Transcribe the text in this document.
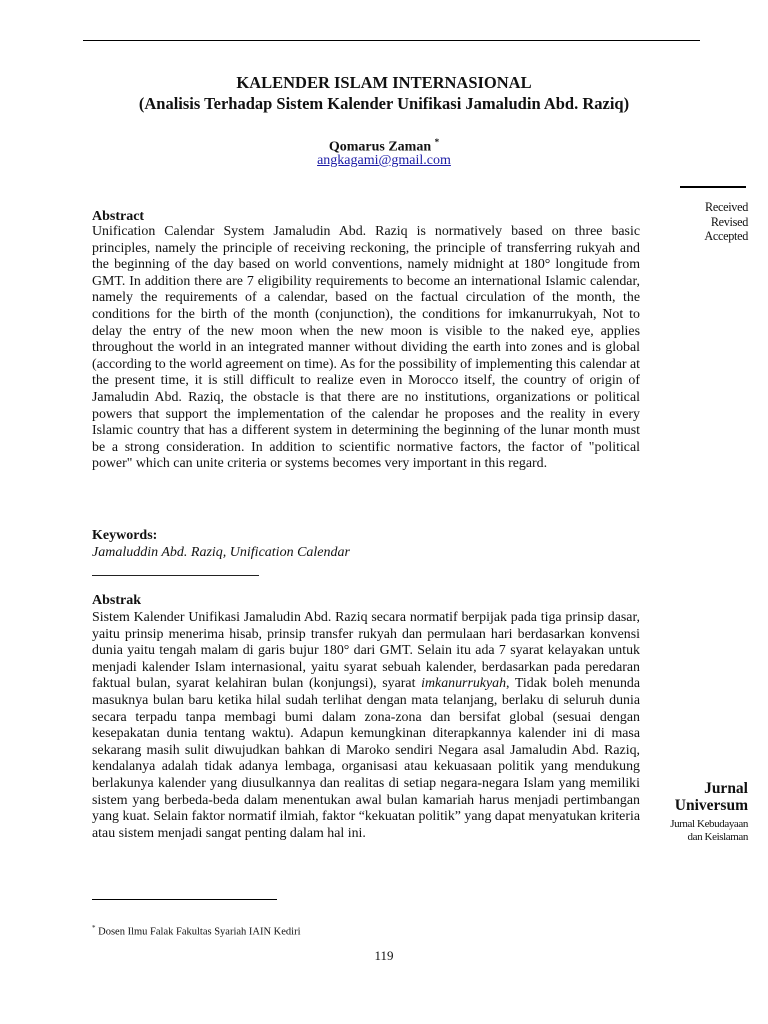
KALENDER ISLAM INTERNASIONAL
(Analisis Terhadap Sistem Kalender Unifikasi Jamaludin Abd. Raziq)
Qomarus Zaman *
angkagami@gmail.com
Received
Revised
Accepted
Abstract
Unification Calendar System Jamaludin Abd. Raziq is normatively based on three basic principles, namely the principle of receiving reckoning, the principle of transferring rukyah and the beginning of the day based on world conventions, namely midnight at 180° longitude from GMT. In addition there are 7 eligibility requirements to become an international Islamic calendar, namely the requirements of a calendar, based on the factual circulation of the month, the conditions for the birth of the month (conjunction), the conditions for imkanurrukyah, Not to delay the entry of the new moon when the new moon is visible to the naked eye, applies throughout the world in an integrated manner without dividing the earth into zones and is global (according to the world agreement on time). As for the possibility of implementing this calendar at the present time, it is still difficult to realize even in Morocco itself, the country of origin of Jamaludin Abd. Raziq, the obstacle is that there are no institutions, organizations or political powers that support the implementation of the calendar he proposes and the reality in every Islamic country that has a different system in determining the beginning of the lunar month must be a strong consideration. In addition to scientific normative factors, the factor of "political power" which can unite criteria or systems becomes very important in this regard.
Keywords:
Jamaluddin Abd. Raziq, Unification Calendar
Abstrak
Sistem Kalender Unifikasi Jamaludin Abd. Raziq secara normatif berpijak pada tiga prinsip dasar, yaitu prinsip menerima hisab, prinsip transfer rukyah dan permulaan hari berdasarkan konvensi dunia yaitu tengah malam di garis bujur 180° dari GMT. Selain itu ada 7 syarat kelayakan untuk menjadi kalender Islam internasional, yaitu syarat sebuah kalender, berdasarkan pada peredaran faktual bulan, syarat kelahiran bulan (konjungsi), syarat imkanurrukyah, Tidak boleh menunda masuknya bulan baru ketika hilal sudah terlihat dengan mata telanjang, berlaku di seluruh dunia secara terpadu tanpa membagi bumi dalam zona-zona dan bersifat global (sesuai dengan kesepakatan dunia tentang waktu). Adapun kemungkinan diterapkannya kalender ini di masa sekarang masih sulit diwujudkan bahkan di Maroko sendiri Negara asal Jamaludin Abd. Raziq, kendalanya adalah tidak adanya lembaga, organisasi atau kekuasaan politik yang mendukung berlakunya kalender yang diusulkannya dan realitas di setiap negara-negara Islam yang memiliki sistem yang berbeda-beda dalam menentukan awal bulan kamariah harus menjadi pertimbangan yang kuat. Selain faktor normatif ilmiah, faktor “kekuatan politik” yang dapat menyatukan kriteria atau sistem menjadi sangat penting dalam hal ini.
Jurnal
Universum
Jurnal Kebudayaan
dan Keislaman
* Dosen Ilmu Falak Fakultas Syariah IAIN Kediri
119
